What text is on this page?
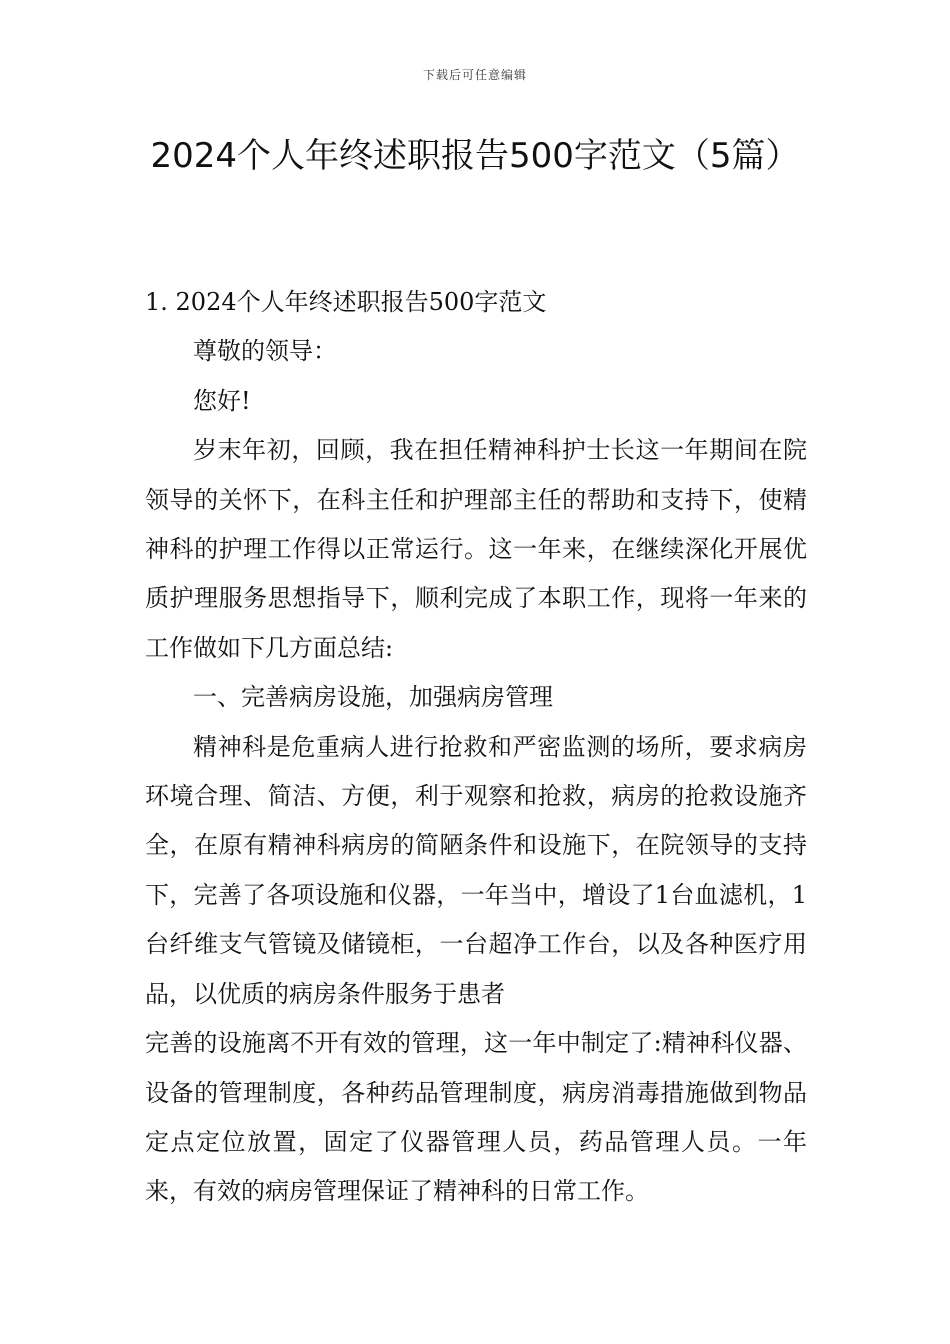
下载后可任意编辑
2024个人年终述职报告500字范文（5篇）

1. 2024个人年终述职报告500字范文

尊敬的领导：

您好!

岁末年初，回顾，我在担任精神科护士长这一年期间在院领导的关怀下，在科主任和护理部主任的帮助和支持下，使精神科的护理工作得以正常运行。这一年来，在继续深化开展优质护理服务思想指导下，顺利完成了本职工作，现将一年来的工作做如下几方面总结:

一、完善病房设施，加强病房管理

精神科是危重病人进行抢救和严密监测的场所，要求病房环境合理、简洁、方便，利于观察和抢救，病房的抢救设施齐全，在原有精神科病房的简陋条件和设施下，在院领导的支持下，完善了各项设施和仪器，一年当中，增设了1台血滤机，1台纤维支气管镜及储镜柜，一台超净工作台，以及各种医疗用品，以优质的病房条件服务于患者

完善的设施离不开有效的管理，这一年中制定了:精神科仪器、设备的管理制度，各种药品管理制度，病房消毒措施做到物品定点定位放置，固定了仪器管理人员，药品管理人员。一年来，有效的病房管理保证了精神科的日常工作。
